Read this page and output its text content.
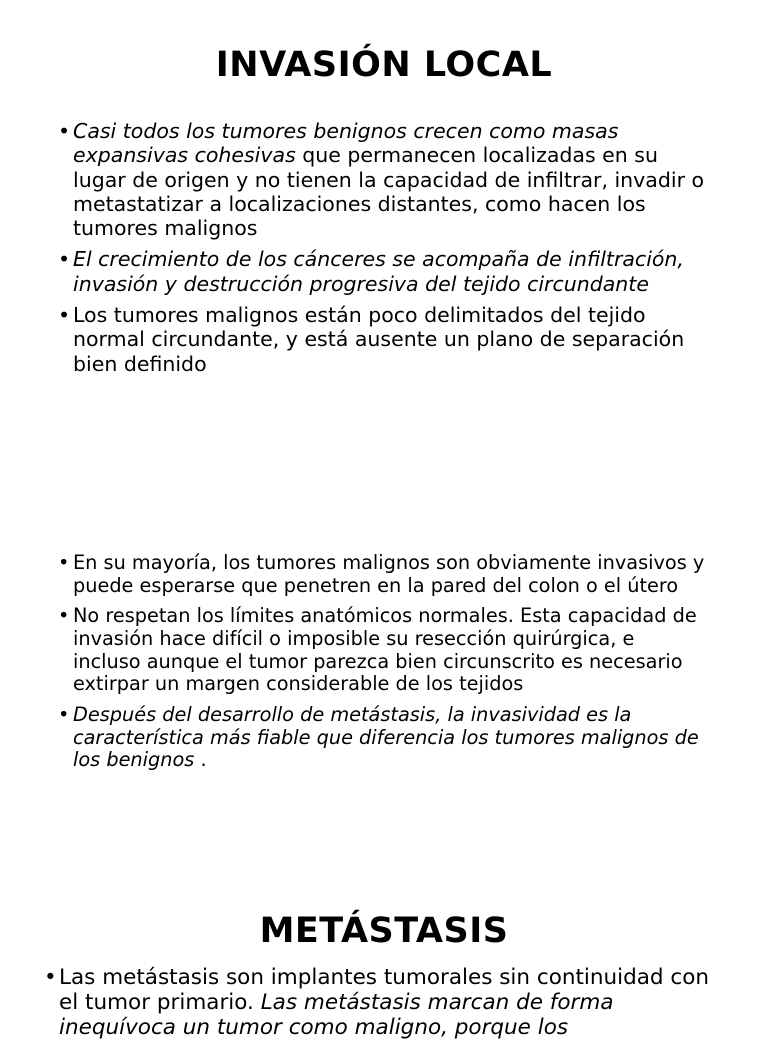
INVASIÓN LOCAL
• Casi todos los tumores benignos crecen como masas expansivas cohesivas que permanecen localizadas en su lugar de origen y no tienen la capacidad de infiltrar, invadir o metastatizar a localizaciones distantes, como hacen los tumores malignos
• El crecimiento de los cánceres se acompaña de infiltración, invasión y destrucción progresiva del tejido circundante
• Los tumores malignos están poco delimitados del tejido normal circundante, y está ausente un plano de separación bien definido
• En su mayoría, los tumores malignos son obviamente invasivos y puede esperarse que penetren en la pared del colon o el útero
• No respetan los límites anatómicos normales. Esta capacidad de invasión hace difícil o imposible su resección quirúrgica, e incluso aunque el tumor parezca bien circunscrito es necesario extirpar un margen considerable de los tejidos
• Después del desarrollo de metástasis, la invasividad es la característica más fiable que diferencia los tumores malignos de los benignos .
METÁSTASIS
• Las metástasis son implantes tumorales sin continuidad con el tumor primario. Las metástasis marcan de forma inequívoca un tumor como maligno, porque los
